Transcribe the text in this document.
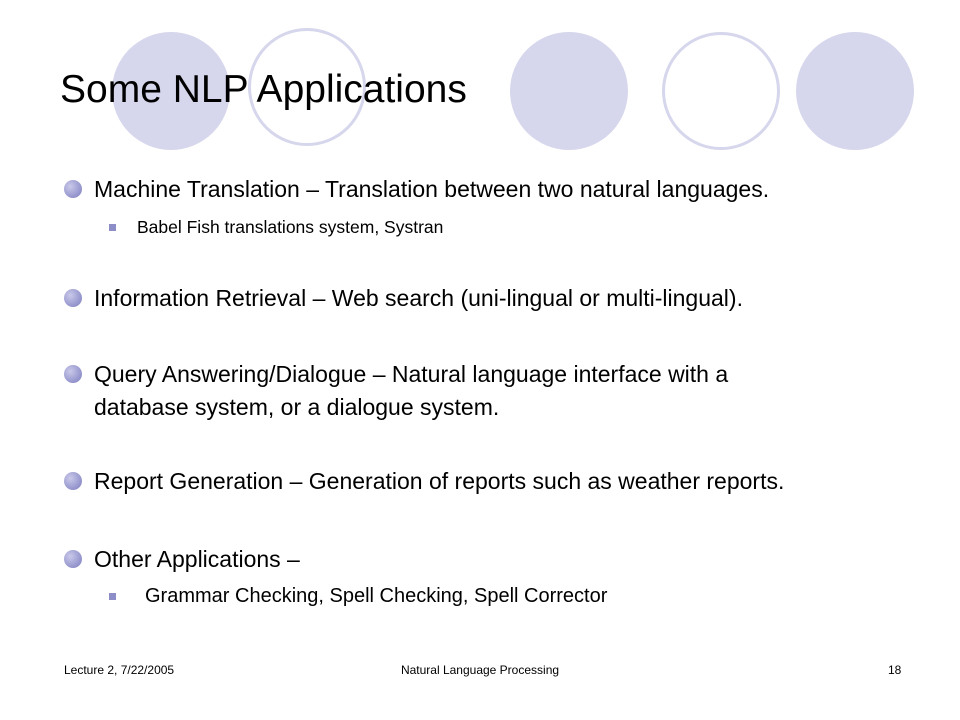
Some NLP Applications
Machine Translation – Translation between two natural languages.
Babel Fish translations system, Systran
Information Retrieval – Web search (uni-lingual or multi-lingual).
Query Answering/Dialogue – Natural language interface with a
database system, or a dialogue system.
Report Generation – Generation of reports such as weather reports.
Other Applications –
Grammar Checking, Spell Checking, Spell Corrector
Lecture 2, 7/22/2005	Natural Language Processing	18
